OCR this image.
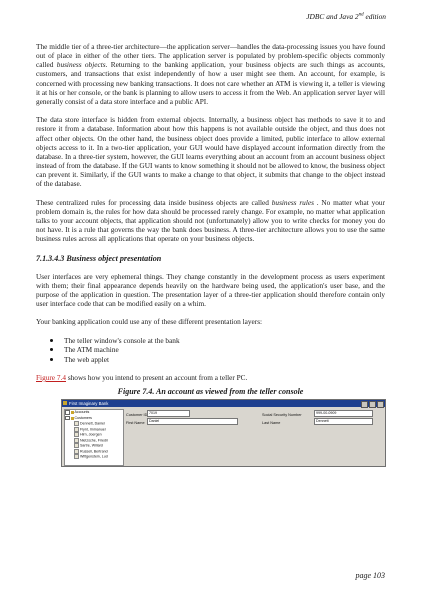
JDBC and Java 2nd edition

The middle tier of a three-tier architecture—the application server—handles the data-processing issues you have found out of place in either of the other tiers. The application server is populated by problem-specific objects commonly called business objects. Returning to the banking application, your business objects are such things as accounts, customers, and transactions that exist independently of how a user might see them. An account, for example, is concerned with processing new banking transactions. It does not care whether an ATM is viewing it, a teller is viewing it at his or her console, or the bank is planning to allow users to access it from the Web. An application server layer will generally consist of a data store interface and a public API.

The data store interface is hidden from external objects. Internally, a business object has methods to save it to and restore it from a database. Information about how this happens is not available outside the object, and thus does not affect other objects. On the other hand, the business object does provide a limited, public interface to allow external objects access to it. In a two-tier application, your GUI would have displayed account information directly from the database. In a three-tier system, however, the GUI learns everything about an account from an account business object instead of from the database. If the GUI wants to know something it should not be allowed to know, the business object can prevent it. Similarly, if the GUI wants to make a change to that object, it submits that change to the object instead of the database.

These centralized rules for processing data inside business objects are called business rules . No matter what your problem domain is, the rules for how data should be processed rarely change. For example, no matter what application talks to your account objects, that application should not (unfortunately) allow you to write checks for money you do not have. It is a rule that governs the way the bank does business. A three-tier architecture allows you to use the same business rules across all applications that operate on your business objects.

7.1.3.4.3 Business object presentation

User interfaces are very ephemeral things. They change constantly in the development process as users experiment with them; their final appearance depends heavily on the hardware being used, the application's user base, and the purpose of the application in question. The presentation layer of a three-tier application should therefore contain only user interface code that can be modified easily on a whim.

Your banking application could use any of these different presentation layers:

The teller window's console at the bank
The ATM machine
The web applet

Figure 7.4 shows how you intend to present an account from a teller PC.

Figure 7.4. An account as viewed from the teller console
First Imaginary Bank
Accounts
Customers
Dennett, Daniel
Flynt, Immanuel
Hirn, Joergen
Nietzsche, Friedri
Sartre, Willard
Russell, Bertrand
Wittgenstein, Lud
Customer ID 7019	Social Security Number	999-00-0909
First Name	Daniel	Last Name	Dennett
page 103
